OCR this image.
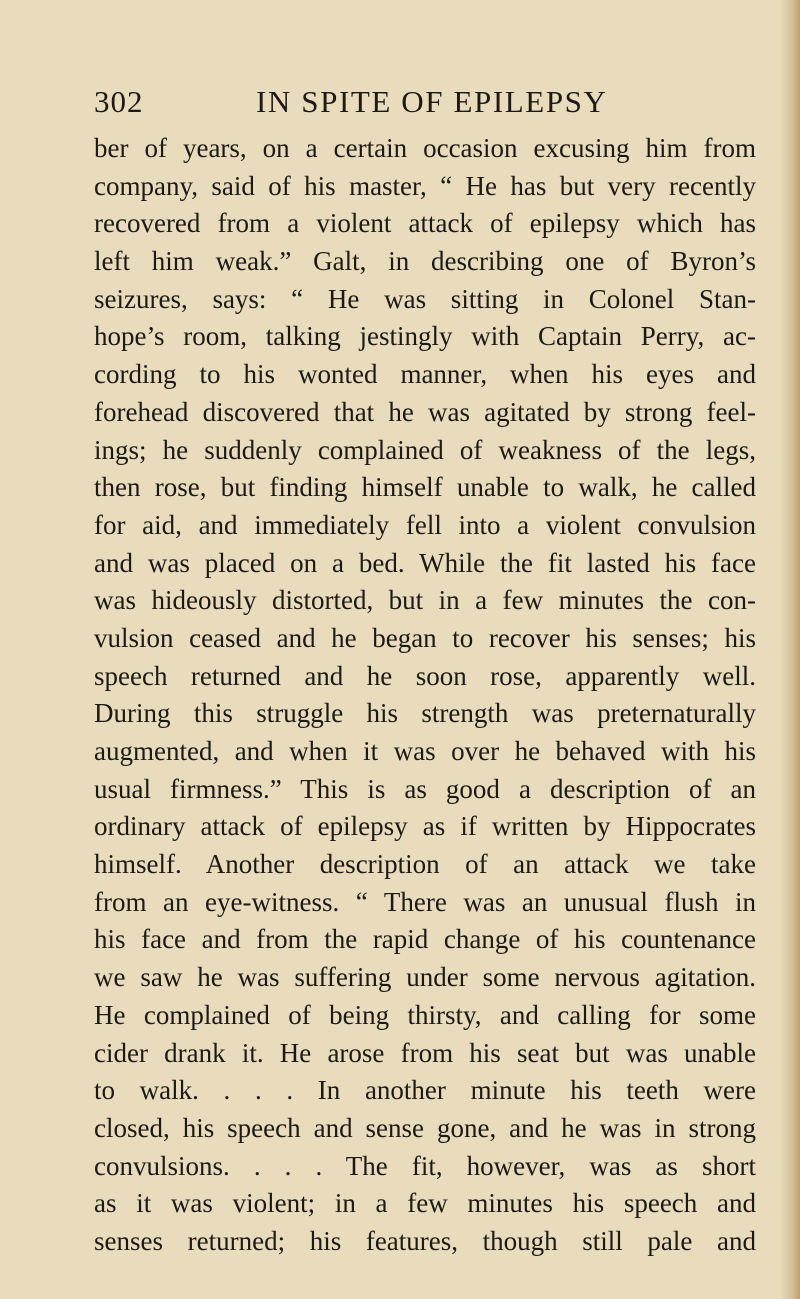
302	IN SPITE OF EPILEPSY
ber of years, on a certain occasion excusing him from
company, said of his master, “ He has but very recently
recovered from a violent attack of epilepsy which has
left him weak.” Galt, in describing one of Byron’s
seizures, says: “ He was sitting in Colonel Stan-
hope’s room, talking jestingly with Captain Perry, ac-
cording to his wonted manner, when his eyes and
forehead discovered that he was agitated by strong feel-
ings; he suddenly complained of weakness of the legs,
then rose, but finding himself unable to walk, he called
for aid, and immediately fell into a violent convulsion
and was placed on a bed. While the fit lasted his face
was hideously distorted, but in a few minutes the con-
vulsion ceased and he began to recover his senses; his
speech returned and he soon rose, apparently well.
During this struggle his strength was preternaturally
augmented, and when it was over he behaved with his
usual firmness.” This is as good a description of an
ordinary attack of epilepsy as if written by Hippocrates
himself. Another description of an attack we take
from an eye-witness. “ There was an unusual flush in
his face and from the rapid change of his countenance
we saw he was suffering under some nervous agitation.
He complained of being thirsty, and calling for some
cider drank it. He arose from his seat but was unable
to walk. . . . In another minute his teeth were
closed, his speech and sense gone, and he was in strong
convulsions. . . . The fit, however, was as short
as it was violent; in a few minutes his speech and
senses returned; his features, though still pale and
